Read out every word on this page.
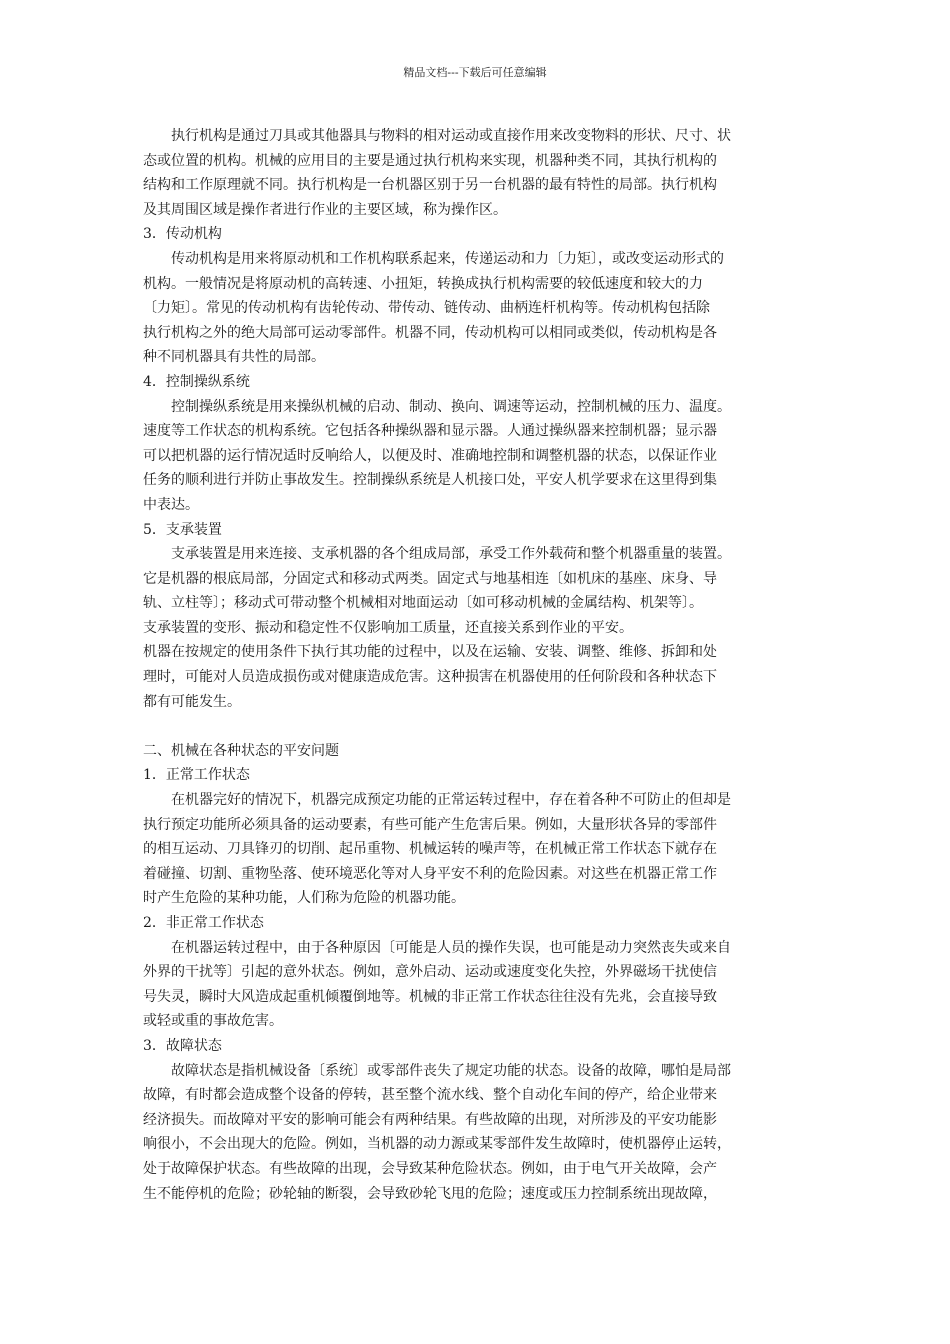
精品文档---下载后可任意编辑
执行机构是通过刀具或其他器具与物料的相对运动或直接作用来改变物料的形状、尺寸、状
态或位置的机构。机械的应用目的主要是通过执行机构来实现，机器种类不同，其执行机构的
结构和工作原理就不同。执行机构是一台机器区别于另一台机器的最有特性的局部。执行机构
及其周围区域是操作者进行作业的主要区域，称为操作区。
3．传动机构
传动机构是用来将原动机和工作机构联系起来，传递运动和力〔力矩〕，或改变运动形式的
机构。一般情况是将原动机的高转速、小扭矩，转换成执行机构需要的较低速度和较大的力
〔力矩〕。常见的传动机构有齿轮传动、带传动、链传动、曲柄连杆机构等。传动机构包括除
执行机构之外的绝大局部可运动零部件。机器不同，传动机构可以相同或类似，传动机构是各
种不同机器具有共性的局部。
4．控制操纵系统
控制操纵系统是用来操纵机械的启动、制动、换向、调速等运动，控制机械的压力、温度。
速度等工作状态的机构系统。它包括各种操纵器和显示器。人通过操纵器来控制机器；显示器
可以把机器的运行情况适时反响给人，以便及时、准确地控制和调整机器的状态，以保证作业
任务的顺利进行并防止事故发生。控制操纵系统是人机接口处，平安人机学要求在这里得到集
中表达。
5．支承装置
支承装置是用来连接、支承机器的各个组成局部，承受工作外载荷和整个机器重量的装置。
它是机器的根底局部，分固定式和移动式两类。固定式与地基相连〔如机床的基座、床身、导
轨、立柱等〕；移动式可带动整个机械相对地面运动〔如可移动机械的金属结构、机架等〕。
支承装置的变形、振动和稳定性不仅影响加工质量，还直接关系到作业的平安。
机器在按规定的使用条件下执行其功能的过程中，以及在运输、安装、调整、维修、拆卸和处
理时，可能对人员造成损伤或对健康造成危害。这种损害在机器使用的任何阶段和各种状态下
都有可能发生。
二、机械在各种状态的平安问题
1．正常工作状态
在机器完好的情况下，机器完成预定功能的正常运转过程中，存在着各种不可防止的但却是
执行预定功能所必须具备的运动要素，有些可能产生危害后果。例如，大量形状各异的零部件
的相互运动、刀具锋刃的切削、起吊重物、机械运转的噪声等，在机械正常工作状态下就存在
着碰撞、切割、重物坠落、使环境恶化等对人身平安不利的危险因素。对这些在机器正常工作
时产生危险的某种功能，人们称为危险的机器功能。
2．非正常工作状态
在机器运转过程中，由于各种原因〔可能是人员的操作失误，也可能是动力突然丧失或来自
外界的干扰等〕引起的意外状态。例如，意外启动、运动或速度变化失控，外界磁场干扰使信
号失灵，瞬时大风造成起重机倾覆倒地等。机械的非正常工作状态往往没有先兆，会直接导致
或轻或重的事故危害。
3．故障状态
故障状态是指机械设备〔系统〕或零部件丧失了规定功能的状态。设备的故障，哪怕是局部
故障，有时都会造成整个设备的停转，甚至整个流水线、整个自动化车间的停产，给企业带来
经济损失。而故障对平安的影响可能会有两种结果。有些故障的出现，对所涉及的平安功能影
响很小，不会出现大的危险。例如，当机器的动力源或某零部件发生故障时，使机器停止运转，
处于故障保护状态。有些故障的出现，会导致某种危险状态。例如，由于电气开关故障，会产
生不能停机的危险；砂轮轴的断裂，会导致砂轮飞甩的危险；速度或压力控制系统出现故障，
